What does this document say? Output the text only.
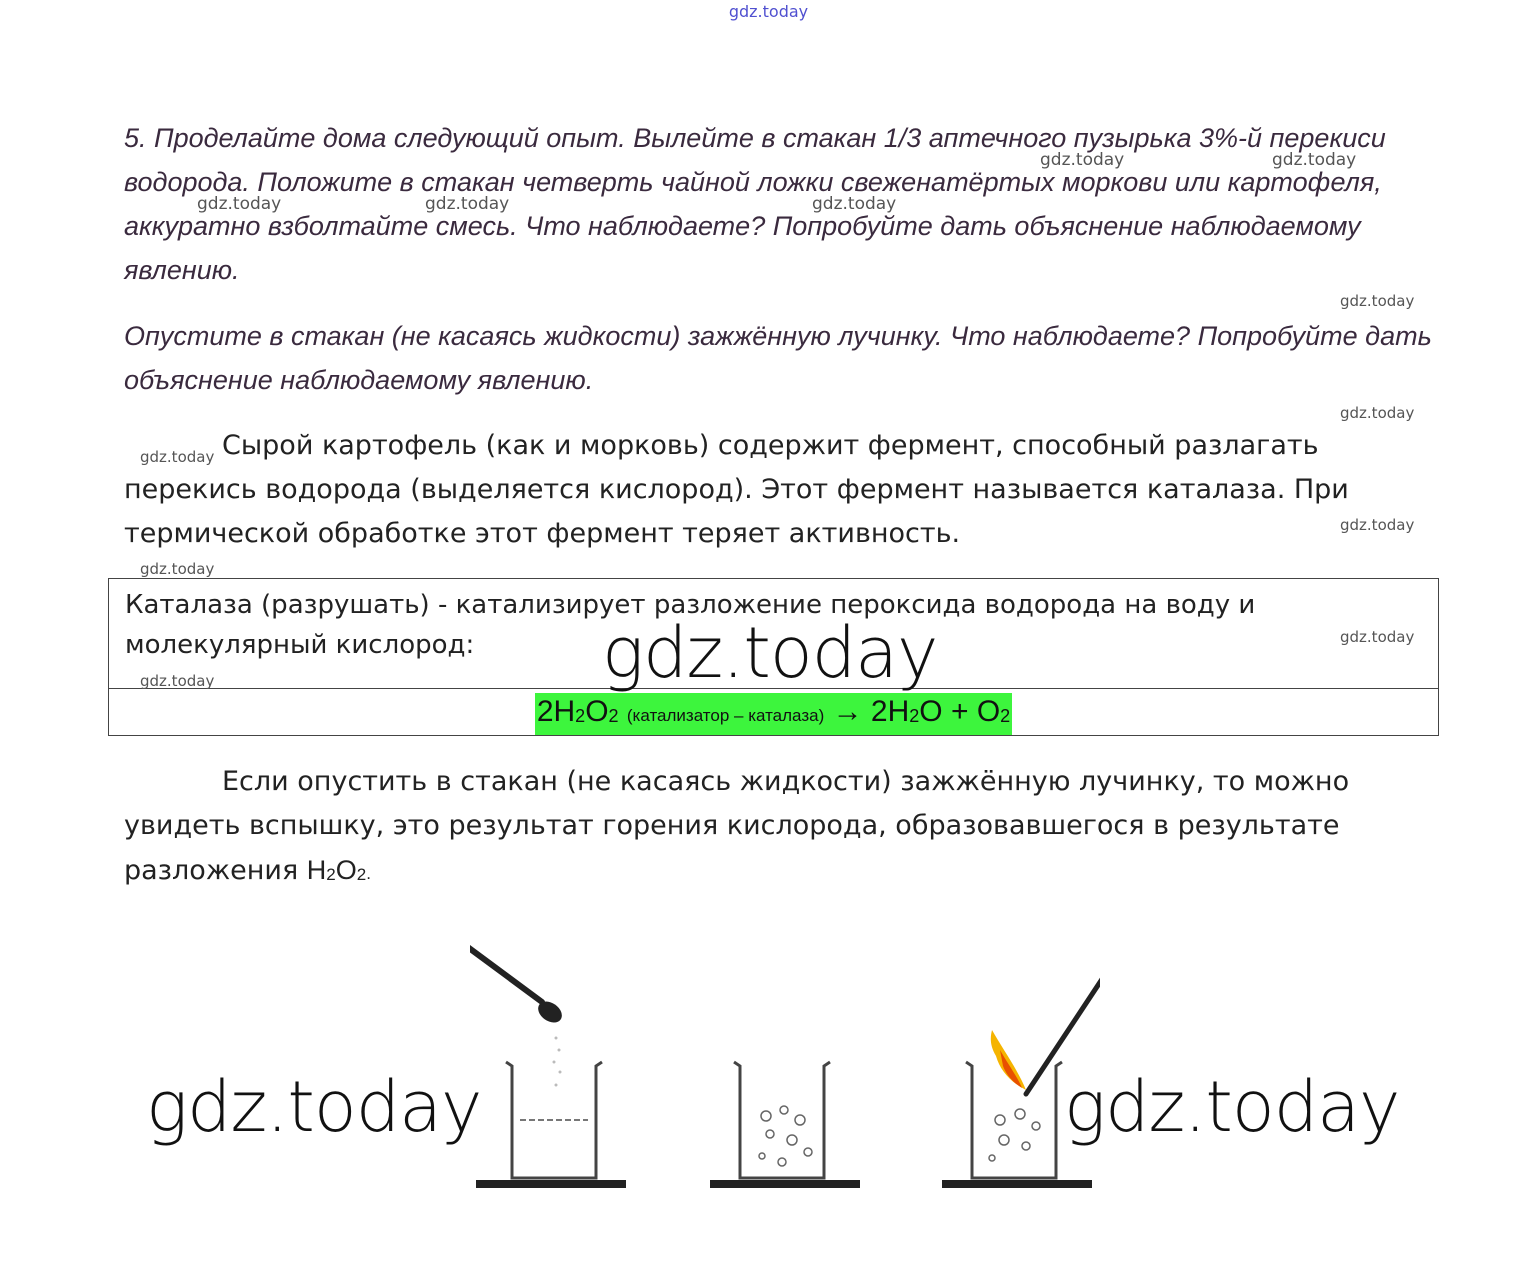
gdz.today
5. Проделайте дома следующий опыт. Вылейте в стакан 1/3 аптечного пузырька 3%-й перекиси водорода. Положите в стакан четверть чайной ложки свеженатёртых моркови или картофеля, аккуратно взболтайте смесь. Что наблюдаете? Попробуйте дать объяснение наблюдаемому явлению.
Опустите в стакан (не касаясь жидкости) зажжённую лучинку. Что наблюдаете? Попробуйте дать объяснение наблюдаемому явлению.
Сырой картофель (как и морковь) содержит фермент, способный разлагать перекись водорода (выделяется кислород). Этот фермент называется каталаза. При термической обработке этот фермент теряет активность.
Каталаза (разрушать) - катализирует разложение пероксида водорода на воду и молекулярный кислород:
$2H_2O_2$ (катализатор – каталаза) → $2H_2O + O_2$
Если опустить в стакан (не касаясь жидкости) зажжённую лучинку, то можно увидеть вспышку, это результат горения кислорода, образовавшегося в результате разложения $H_2O_2$.
gdz.today	gdz.today
gdz.today	gdz.today	gdz.today
gdz.today
gdz.today
gdz.today
gdz.today
gdz.today
gdz.today
gdz.today	gdz.today
gdz.today	gdz.today
